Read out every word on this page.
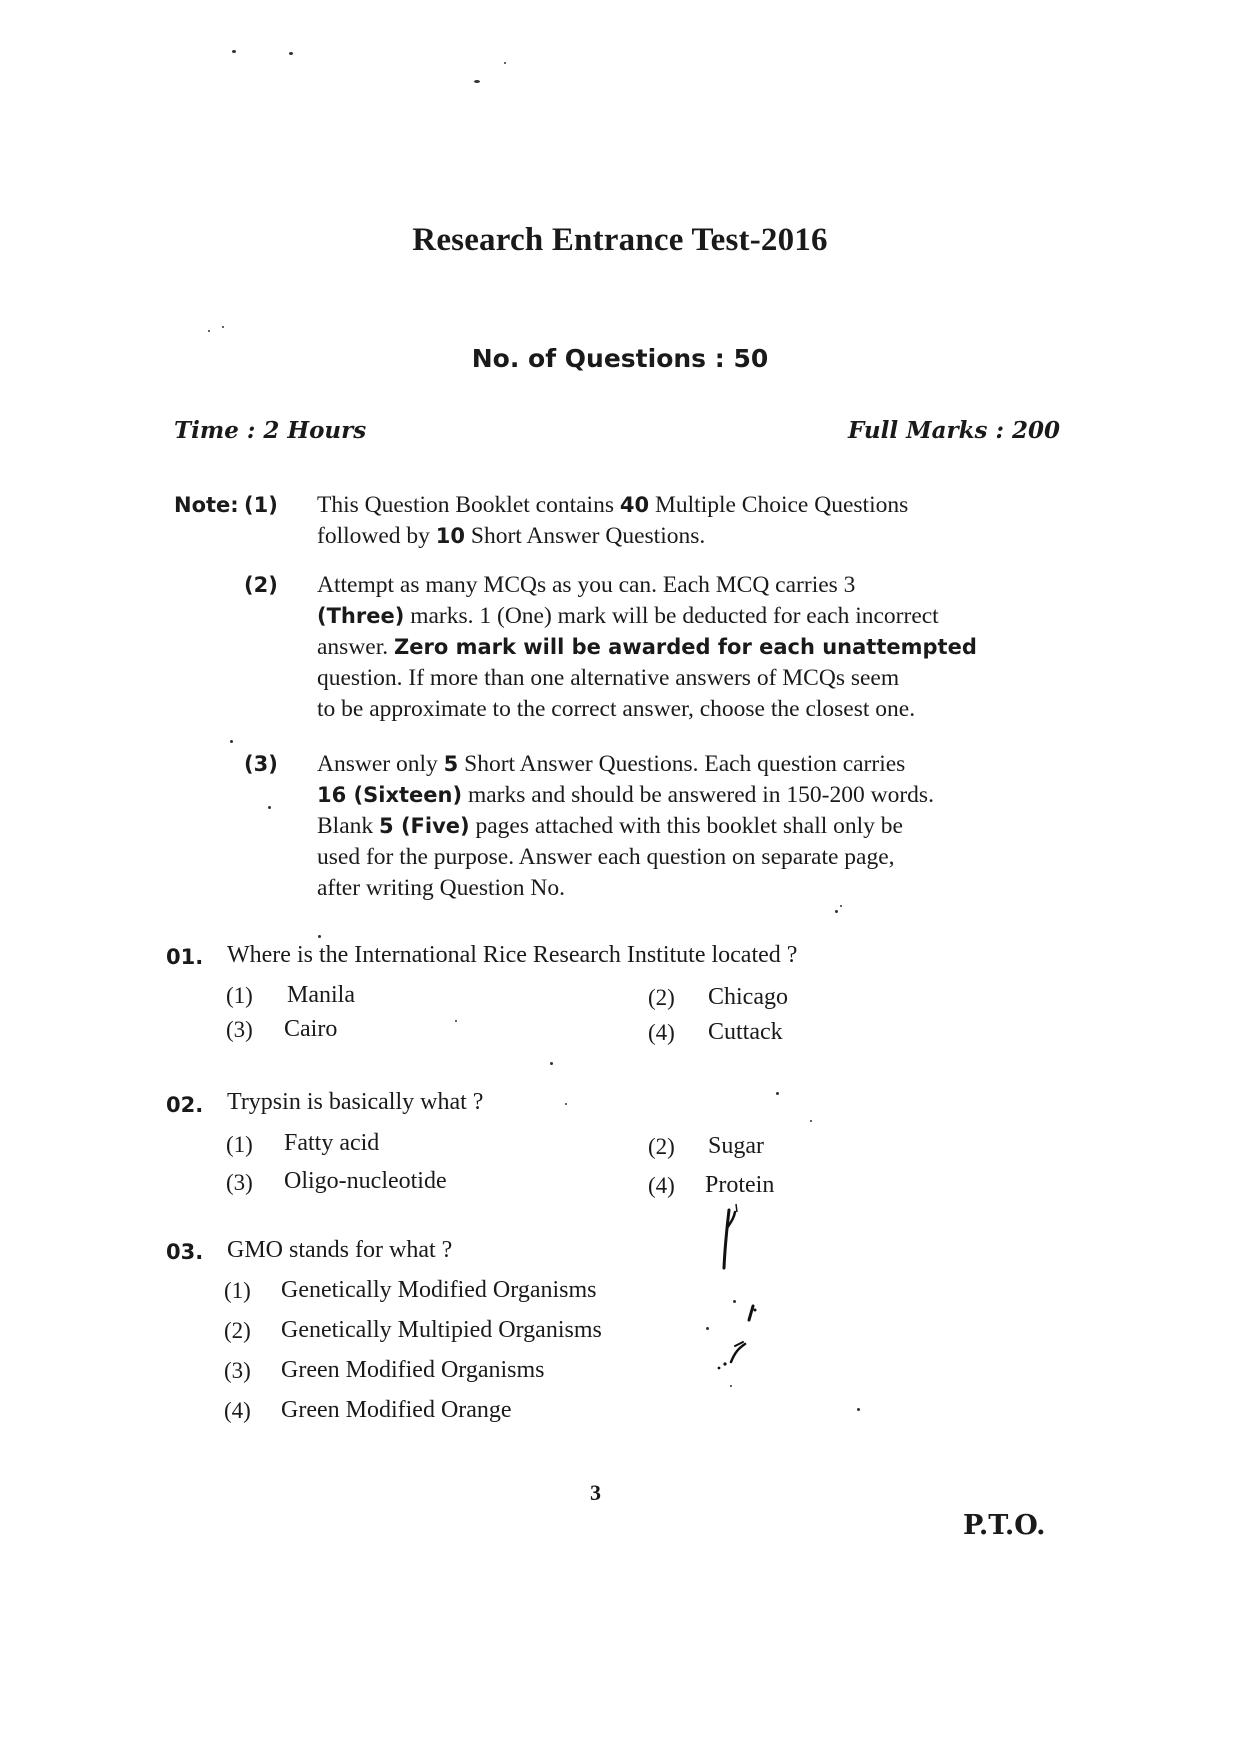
Research Entrance Test-2016
No. of Questions : 50
Time : 2 Hours	Full Marks : 200
Note: (1) This Question Booklet contains 40 Multiple Choice Questions
followed by 10 Short Answer Questions.
(2) Attempt as many MCQs as you can. Each MCQ carries 3
(Three) marks. 1 (One) mark will be deducted for each incorrect
answer. Zero mark will be awarded for each unattempted
question. If more than one alternative answers of MCQs seem
to be approximate to the correct answer, choose the closest one.
(3) Answer only 5 Short Answer Questions. Each question carries
16 (Sixteen) marks and should be answered in 150-200 words.
Blank 5 (Five) pages attached with this booklet shall only be
used for the purpose. Answer each question on separate page,
after writing Question No.
01. Where is the International Rice Research Institute located ?
(1) Manila	(2) Chicago
(3) Cairo	(4) Cuttack
02. Trypsin is basically what ?
(1) Fatty acid	(2) Sugar
(3) Oligo-nucleotide	(4) Protein
03. GMO stands for what ?
(1) Genetically Modified Organisms
(2) Genetically Multipied Organisms
(3) Green Modified Organisms
(4) Green Modified Orange
3
P.T.O.
